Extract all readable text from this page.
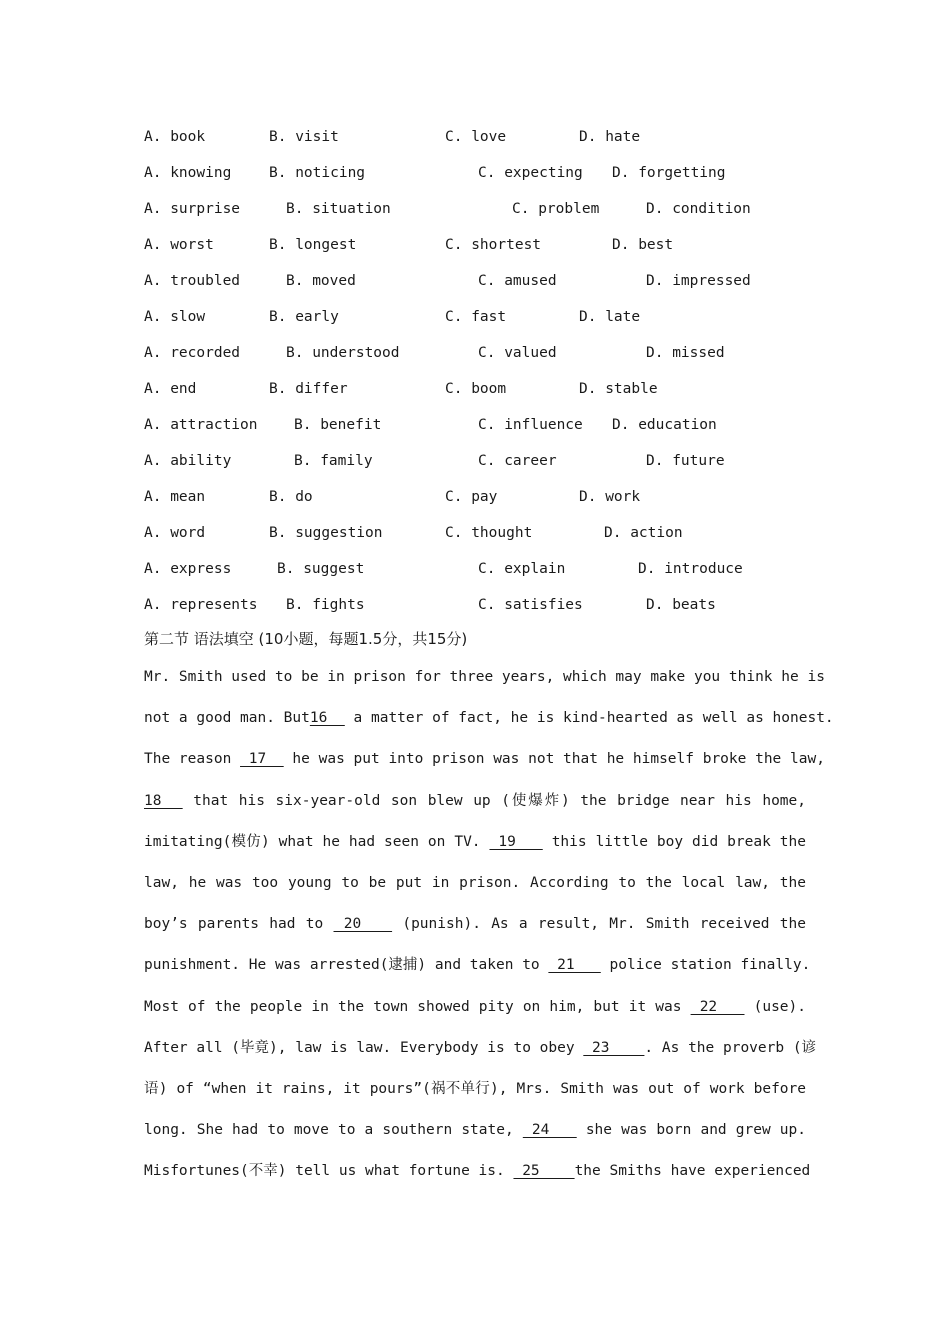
A. book	B. visit	C. love	D. hate
A. knowing	B. noticing	C. expecting D. forgetting
A. surprise	B. situation	C. problem	D. condition
A. worst	B. longest	C. shortest	D. best
A. troubled	B. moved	C. amused	D. impressed
A. slow	B. early	C. fast	D. late
A. recorded	B. understood	C. valued	D. missed
A. end	B. differ	C. boom	D. stable
A. attraction	B. benefit	C. influence D. education
A. ability	B. family	C. career	D. future
A. mean	B. do	C. pay	D. work
A. word	B. suggestion	C. thought	D. action
A. express	B. suggest	C. explain	D. introduce
A. represents B. fights	C. satisfies	D. beats
第二节 语法填空 (10小题，每题1.5分，共15分)
Mr. Smith used to be in prison for three years, which may make you think he is
not a good man. But16   a matter of fact, he is kind-hearted as well as honest.
The reason  17   he was put into prison was not that he himself broke the law,
18   that his six-year-old son blew up (使爆炸) the bridge near his home,
imitating(模仿) what he had seen on TV.  19    this little boy did break the
law, he was too young to be put in prison. According to the local law, the
boy’s parents had to  20    (punish). As a result, Mr. Smith received the
punishment. He was arrested(逮捕) and taken to  21    police station finally.
Most of the people in the town showed pity on him, but it was  22    (use).
After all (毕竟), law is law. Everybody is to obey  23    . As the proverb (谚
语) of “when it rains, it pours”(祸不单行), Mrs. Smith was out of work before
long. She had to move to a southern state,  24    she was born and grew up.
Misfortunes(不幸) tell us what fortune is.  25    the Smiths have experienced
